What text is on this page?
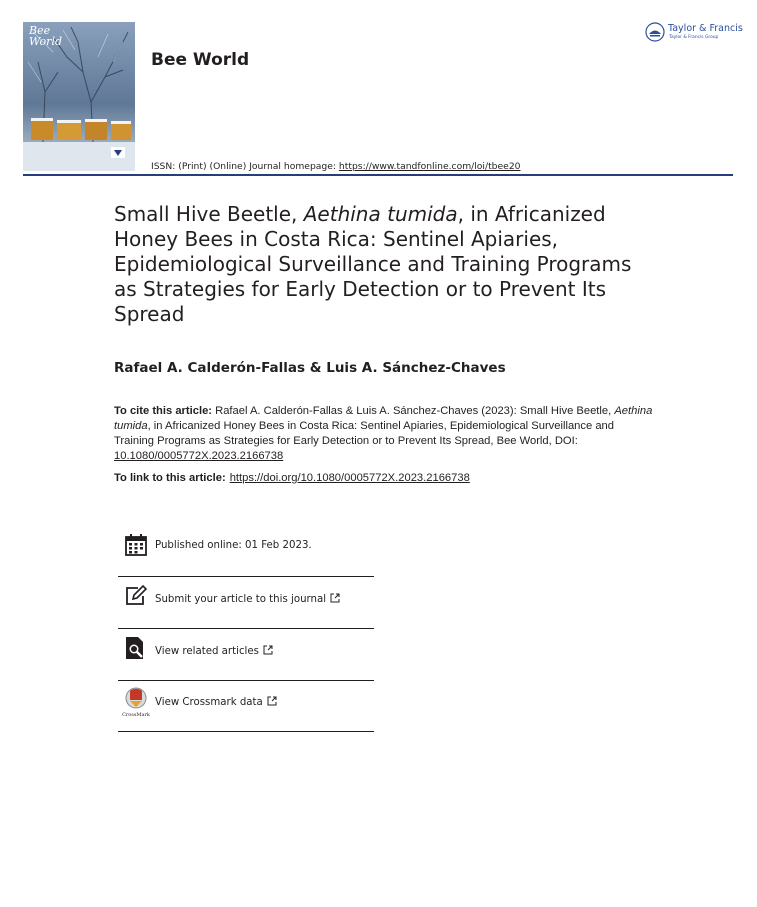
Bee
World
Bee World
ISSN: (Print) (Online) Journal homepage: https://www.tandfonline.com/loi/tbee20
Taylor & Francis
Taylor & Francis Group
Small Hive Beetle, Aethina tumida, in Africanized Honey Bees in Costa Rica: Sentinel Apiaries, Epidemiological Surveillance and Training Programs as Strategies for Early Detection or to Prevent Its Spread
Rafael A. Calderón-Fallas & Luis A. Sánchez-Chaves
To cite this article: Rafael A. Calderón-Fallas & Luis A. Sánchez-Chaves (2023): Small Hive Beetle, Aethina tumida, in Africanized Honey Bees in Costa Rica: Sentinel Apiaries, Epidemiological Surveillance and Training Programs as Strategies for Early Detection or to Prevent Its Spread, Bee World, DOI: 10.1080/0005772X.2023.2166738
To link to this article: https://doi.org/10.1080/0005772X.2023.2166738
Published online: 01 Feb 2023.
Submit your article to this journal
View related articles
CrossMark
View Crossmark data
